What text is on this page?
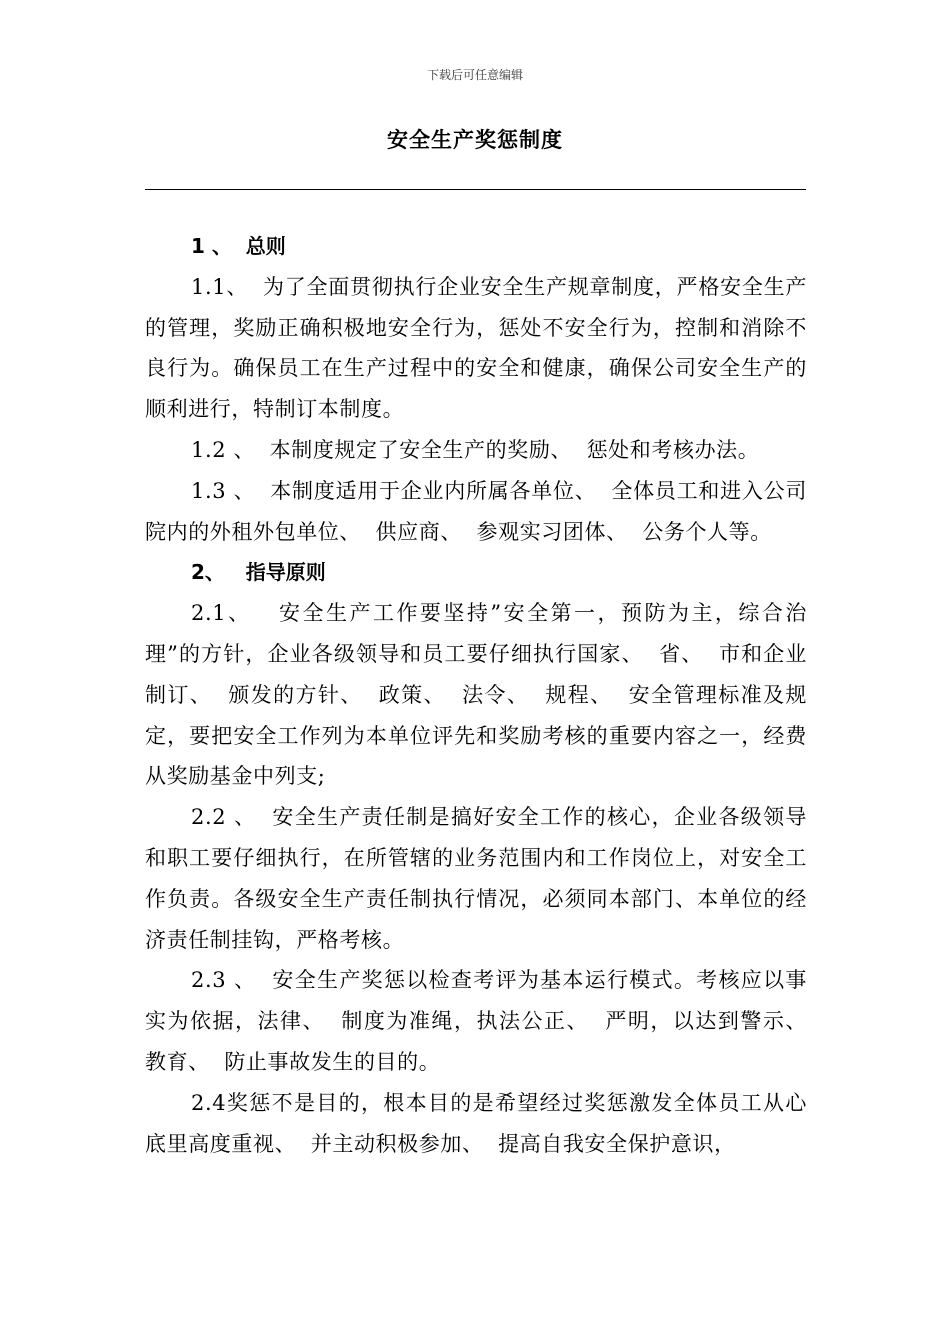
下载后可任意编辑
安全生产奖惩制度

1 、  总则

1.1、  为了全面贯彻执行企业安全生产规章制度，严格安全生产的管理，奖励正确积极地安全行为，惩处不安全行为，控制和消除不良行为。确保员工在生产过程中的安全和健康，确保公司安全生产的顺利进行，特制订本制度。

1.2 、  本制度规定了安全生产的奖励、  惩处和考核办法。

1.3 、  本制度适用于企业内所属各单位、  全体员工和进入公司院内的外租外包单位、  供应商、  参观实习团体、  公务个人等。

2、   指导原则

2.1、   安全生产工作要坚持”安全第一，预防为主，综合治理”的方针，企业各级领导和员工要仔细执行国家、  省、  市和企业制订、  颁发的方针、  政策、  法令、  规程、  安全管理标准及规定，要把安全工作列为本单位评先和奖励考核的重要内容之一，经费从奖励基金中列支;

2.2 、  安全生产责任制是搞好安全工作的核心，企业各级领导和职工要仔细执行，在所管辖的业务范围内和工作岗位上，对安全工作负责。各级安全生产责任制执行情况，必须同本部门、本单位的经济责任制挂钩，严格考核。

2.3 、  安全生产奖惩以检查考评为基本运行模式。考核应以事实为依据，法律、  制度为准绳，执法公正、  严明，以达到警示、  教育、  防止事故发生的目的。

2.4奖惩不是目的，根本目的是希望经过奖惩激发全体员工从心底里高度重视、  并主动积极参加、  提高自我安全保护意识，
